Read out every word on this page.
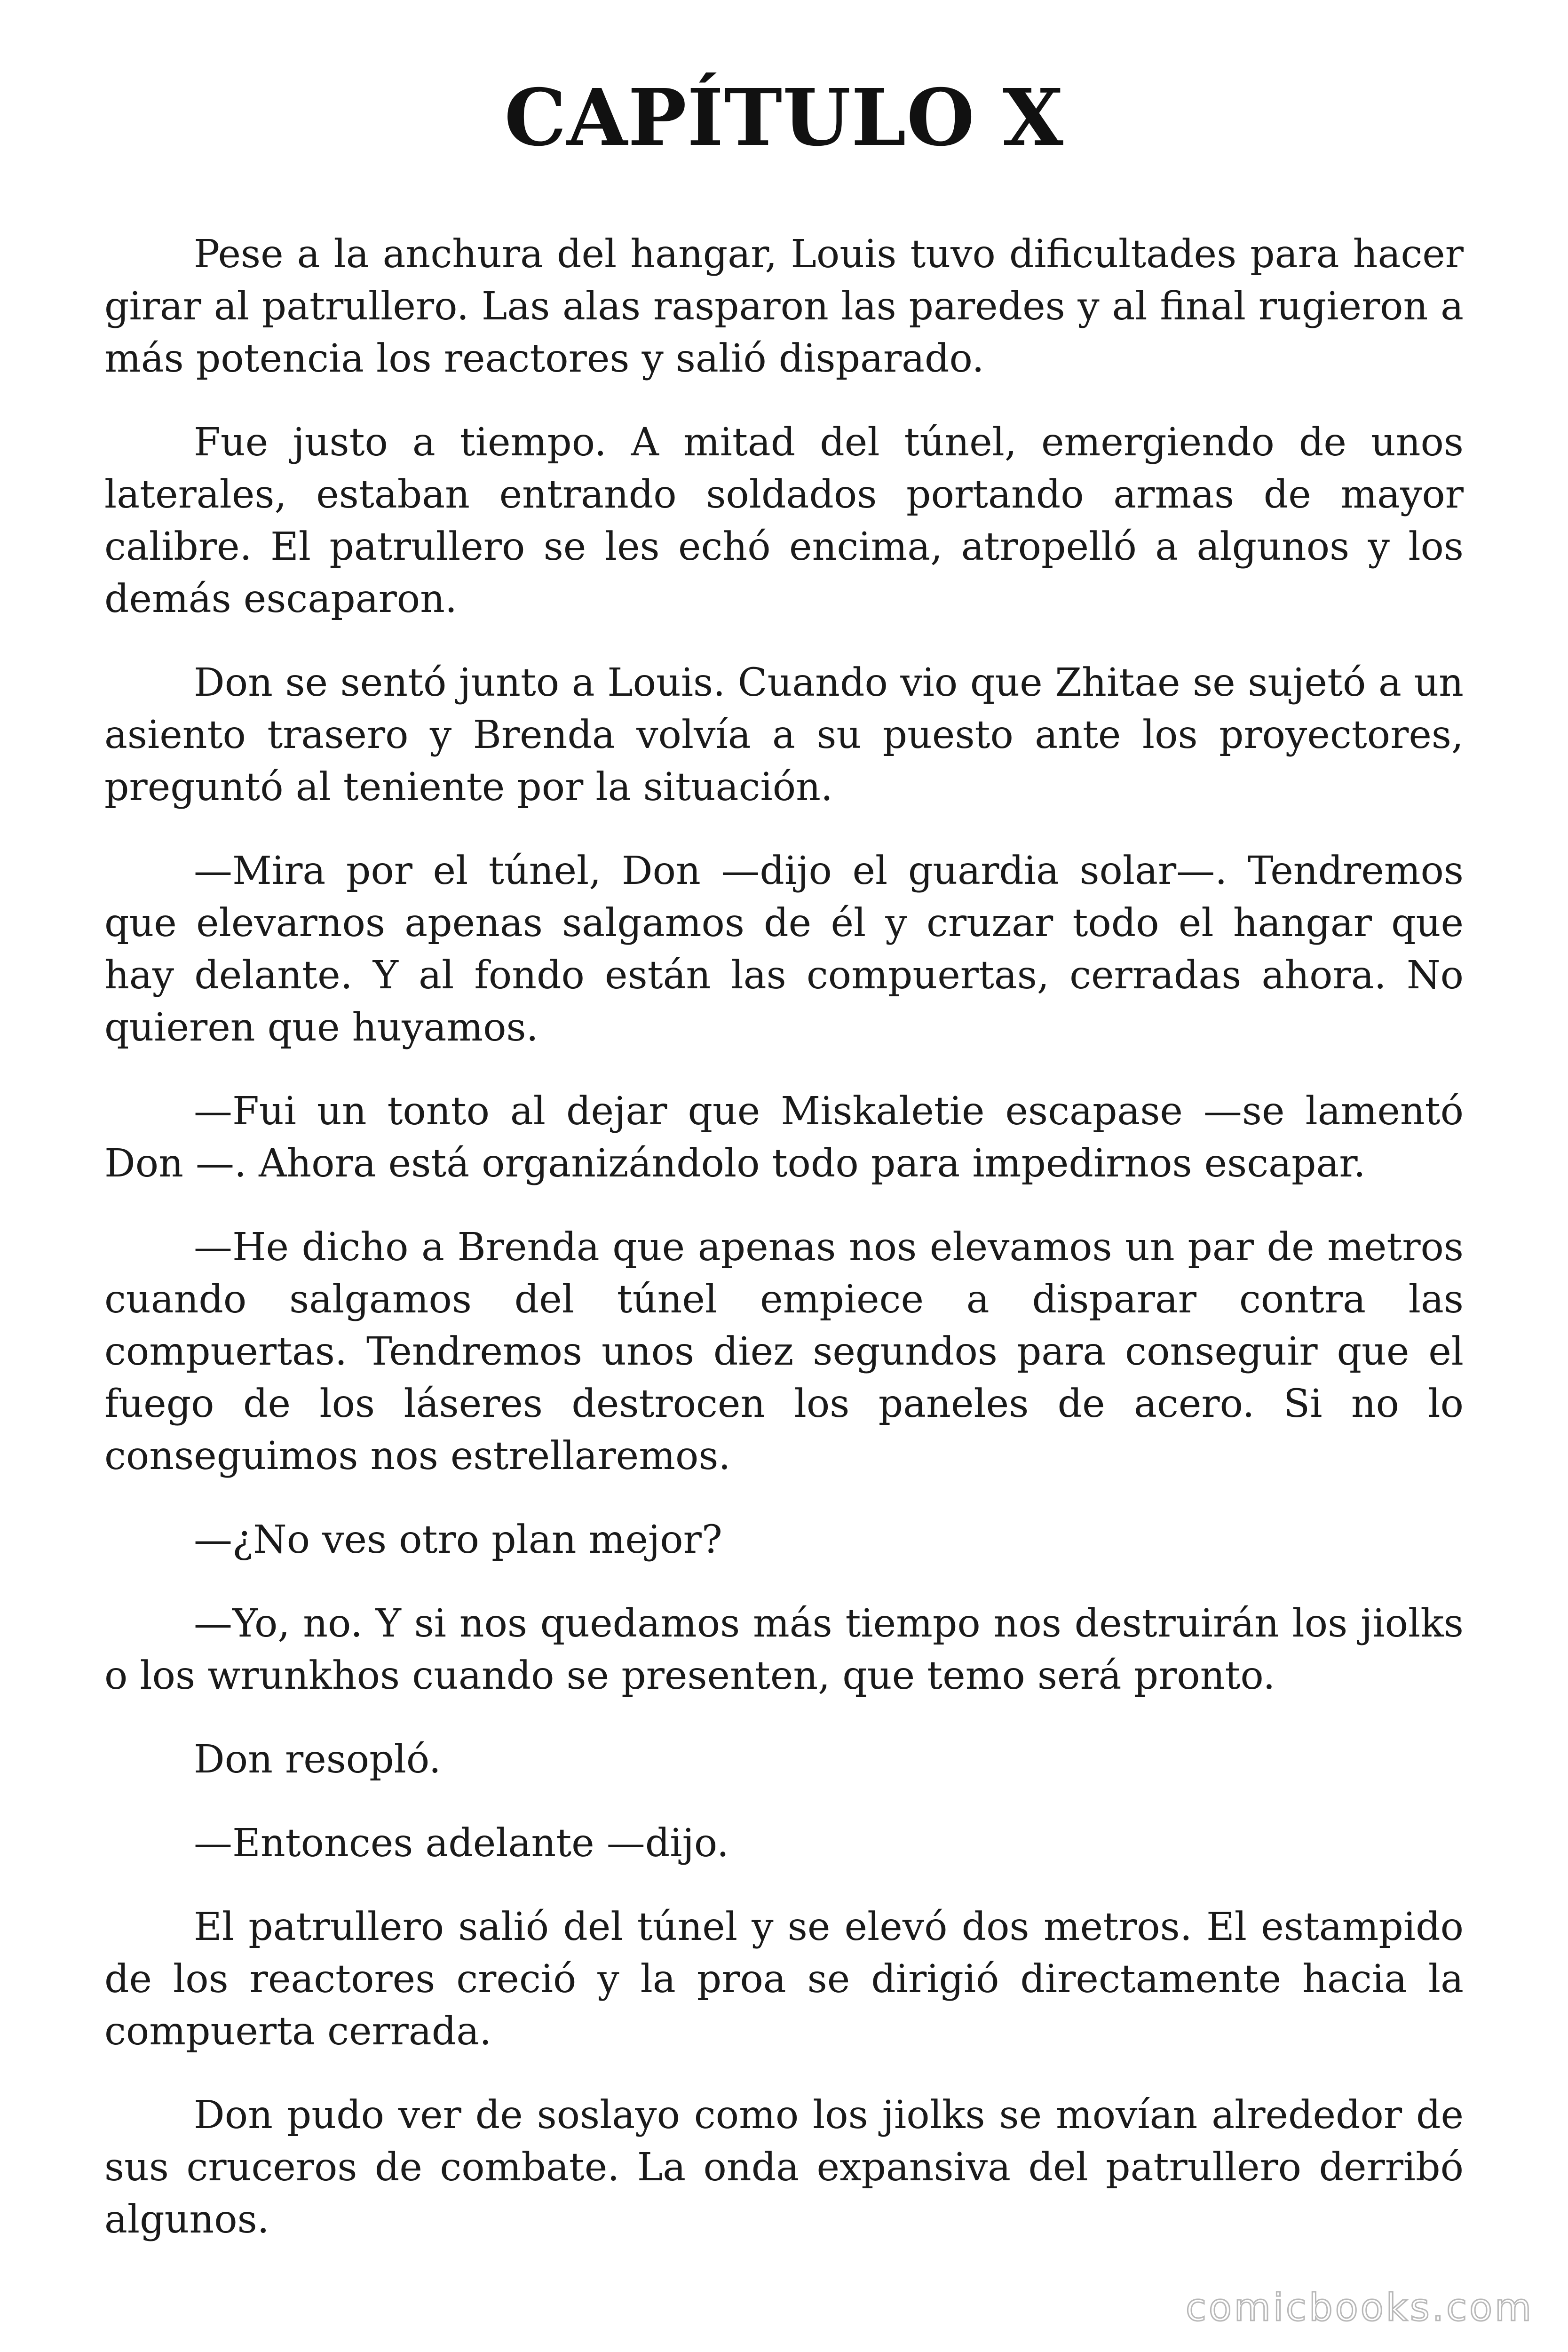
CAPÍTULO X

Pese a la anchura del hangar, Louis tuvo dificultades para hacer girar al patrullero. Las alas rasparon las paredes y al final rugieron a más potencia los reactores y salió disparado.

Fue justo a tiempo. A mitad del túnel, emergiendo de unos laterales, estaban entrando soldados portando armas de mayor calibre. El patrullero se les echó encima, atropelló a algunos y los demás escaparon.

Don se sentó junto a Louis. Cuando vio que Zhitae se sujetó a un asiento trasero y Brenda volvía a su puesto ante los proyectores, preguntó al teniente por la situación.

—Mira por el túnel, Don —dijo el guardia solar—. Tendremos que elevarnos apenas salgamos de él y cruzar todo el hangar que hay delante. Y al fondo están las compuertas, cerradas ahora. No quieren que huyamos.

—Fui un tonto al dejar que Miskaletie escapase —se lamentó Don —. Ahora está organizándolo todo para impedirnos escapar.

—He dicho a Brenda que apenas nos elevamos un par de metros cuando salgamos del túnel empiece a disparar contra las compuertas. Tendremos unos diez segundos para conseguir que el fuego de los láseres destrocen los paneles de acero. Si no lo conseguimos nos estrellaremos.

—¿No ves otro plan mejor?

—Yo, no. Y si nos quedamos más tiempo nos destruirán los jiolks o los wrunkhos cuando se presenten, que temo será pronto.

Don resopló.

—Entonces adelante —dijo.

El patrullero salió del túnel y se elevó dos metros. El estampido de los reactores creció y la proa se dirigió directamente hacia la compuerta cerrada.

Don pudo ver de soslayo como los jiolks se movían alrededor de sus cruceros de combate. La onda expansiva del patrullero derribó algunos.

comicbooks.com
